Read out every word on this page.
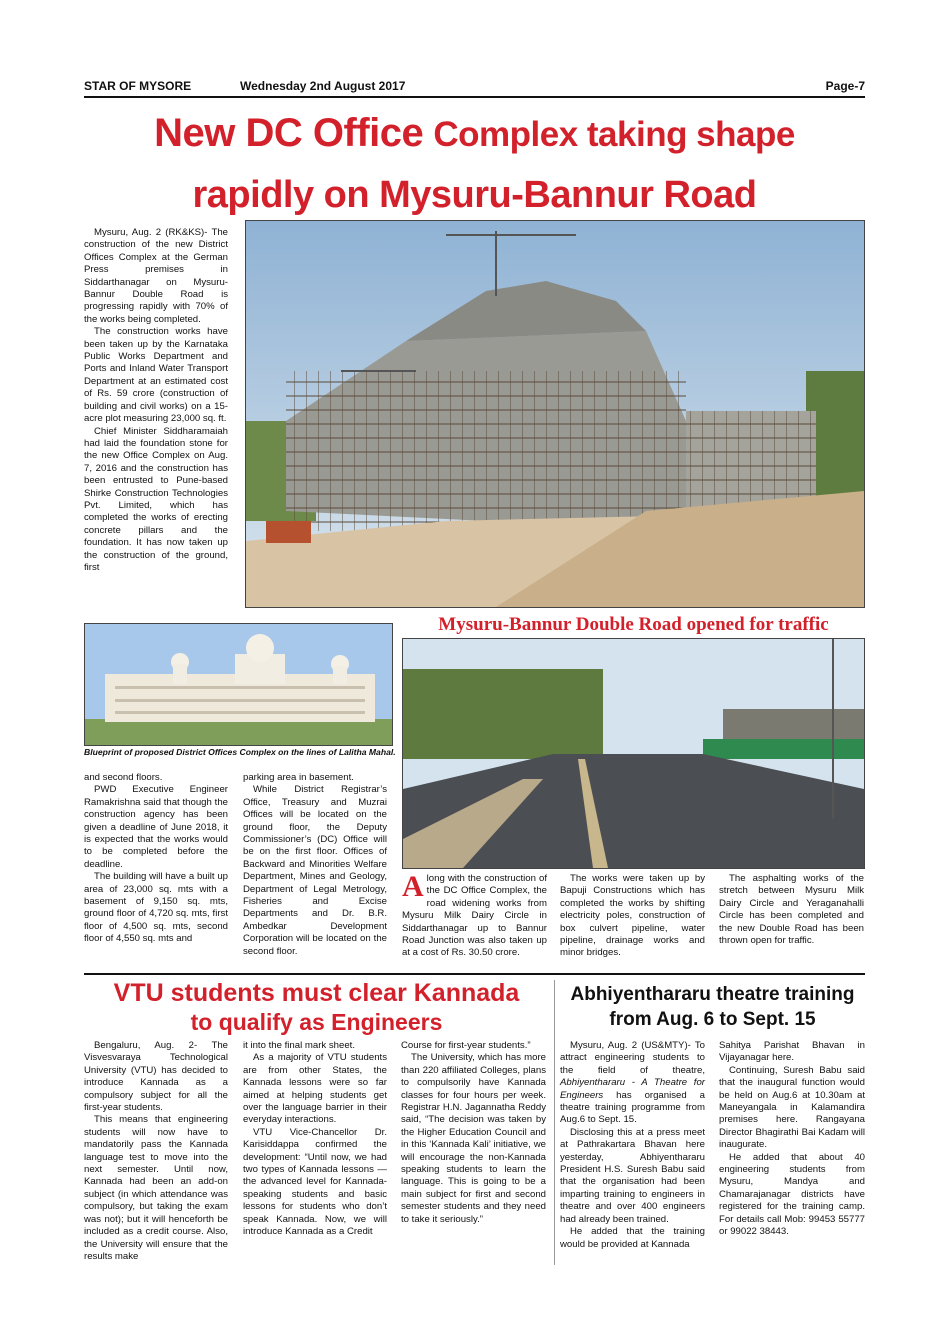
STAR OF MYSORE	Wednesday 2nd August 2017	Page-7
New DC Office Complex taking shape
rapidly on Mysuru-Bannur Road

Mysuru, Aug. 2 (RK&KS)- The construction of the new District Offices Complex at the German Press premises in Siddarthanagar on Mysuru-Bannur Double Road is progressing rapidly with 70% of the works being completed.

The construction works have been taken up by the Karnataka Public Works Department and Ports and Inland Water Transport Department at an estimated cost of Rs. 59 crore (construction of building and civil works) on a 15-acre plot measuring 23,000 sq. ft.

Chief Minister Siddharamaiah had laid the foundation stone for the new Office Complex on Aug. 7, 2016 and the construction has been entrusted to Pune-based Shirke Construction Technologies Pvt. Limited, which has completed the works of erecting concrete pillars and the foundation. It has now taken up the construction of the ground, first

Blueprint of proposed District Offices Complex on the lines of Lalitha Mahal.

and second floors.

PWD Executive Engineer Ramakrishna said that though the construction agency has been given a deadline of June 2018, it is expected that the works would to be completed before the deadline.

The building will have a built up area of 23,000 sq. mts with a basement of 9,150 sq. mts, ground floor of 4,720 sq. mts, first floor of 4,500 sq. mts, second floor of 4,550 sq. mts and

parking area in basement.

While District Registrar’s Office, Treasury and Muzrai Offices will be located on the ground floor, the Deputy Commissioner’s (DC) Office will be on the first floor. Offices of Backward and Minorities Welfare Department, Mines and Geology, Department of Legal Metrology, Fisheries and Excise Departments and Dr. B.R. Ambedkar Development Corporation will be located on the second floor.

Mysuru-Bannur Double Road opened for traffic
Along with the construction of the DC Office Complex, the road widening works from Mysuru Milk Dairy Circle in Siddarthanagar up to Bannur Road Junction was also taken up at a cost of Rs. 30.50 crore.

The works were taken up by Bapuji Constructions which has completed the works by shifting electricity poles, construction of box culvert pipeline, water pipeline, drainage works and minor bridges.

The asphalting works of the stretch between Mysuru Milk Dairy Circle and Yeraganahalli Circle has been completed and the new Double Road has been thrown open for traffic.

VTU students must clear Kannada
to qualify as Engineers

Bengaluru, Aug. 2- The Visvesvaraya Technological University (VTU) has decided to introduce Kannada as a compulsory subject for all the first-year students.

This means that engineering students will now have to mandatorily pass the Kannada language test to move into the next semester. Until now, Kannada had been an add-on subject (in which attendance was compulsory, but taking the exam was not); but it will henceforth be included as a credit course. Also, the University will ensure that the results make

it into the final mark sheet.

As a majority of VTU students are from other States, the Kannada lessons were so far aimed at helping students get over the language barrier in their everyday interactions.

VTU Vice-Chancellor Dr. Karisiddappa confirmed the development: “Until now, we had two types of Kannada lessons — the advanced level for Kannada-speaking students and basic lessons for students who don’t speak Kannada. Now, we will introduce Kannada as a Credit

Course for first-year students.”

The University, which has more than 220 affiliated Colleges, plans to compulsorily have Kannada classes for four hours per week. Registrar H.N. Jagannatha Reddy said, “The decision was taken by the Higher Education Council and in this ‘Kannada Kali’ initiative, we will encourage the non-Kannada speaking students to learn the language. This is going to be a main subject for first and second semester students and they need to take it seriously.”

Abhiyenthararu theatre training
from Aug. 6 to Sept. 15

Mysuru, Aug. 2 (US&MTY)- To attract engineering students to the field of theatre, Abhiyenthararu - A Theatre for Engineers has organised a theatre training programme from Aug.6 to Sept. 15.

Disclosing this at a press meet at Pathrakartara Bhavan here yesterday, Abhiyenthararu President H.S. Suresh Babu said that the organisation had been imparting training to engineers in theatre and over 400 engineers had already been trained.

He added that the training would be provided at Kannada

Sahitya Parishat Bhavan in Vijayanagar here.

Continuing, Suresh Babu said that the inaugural function would be held on Aug.6 at 10.30am at Maneyangala in Kalamandira premises here. Rangayana Director Bhagirathi Bai Kadam will inaugurate.

He added that about 40 engineering students from Mysuru, Mandya and Chamarajanagar districts have registered for the training camp. For details call Mob: 99453 55777 or 99022 38443.
